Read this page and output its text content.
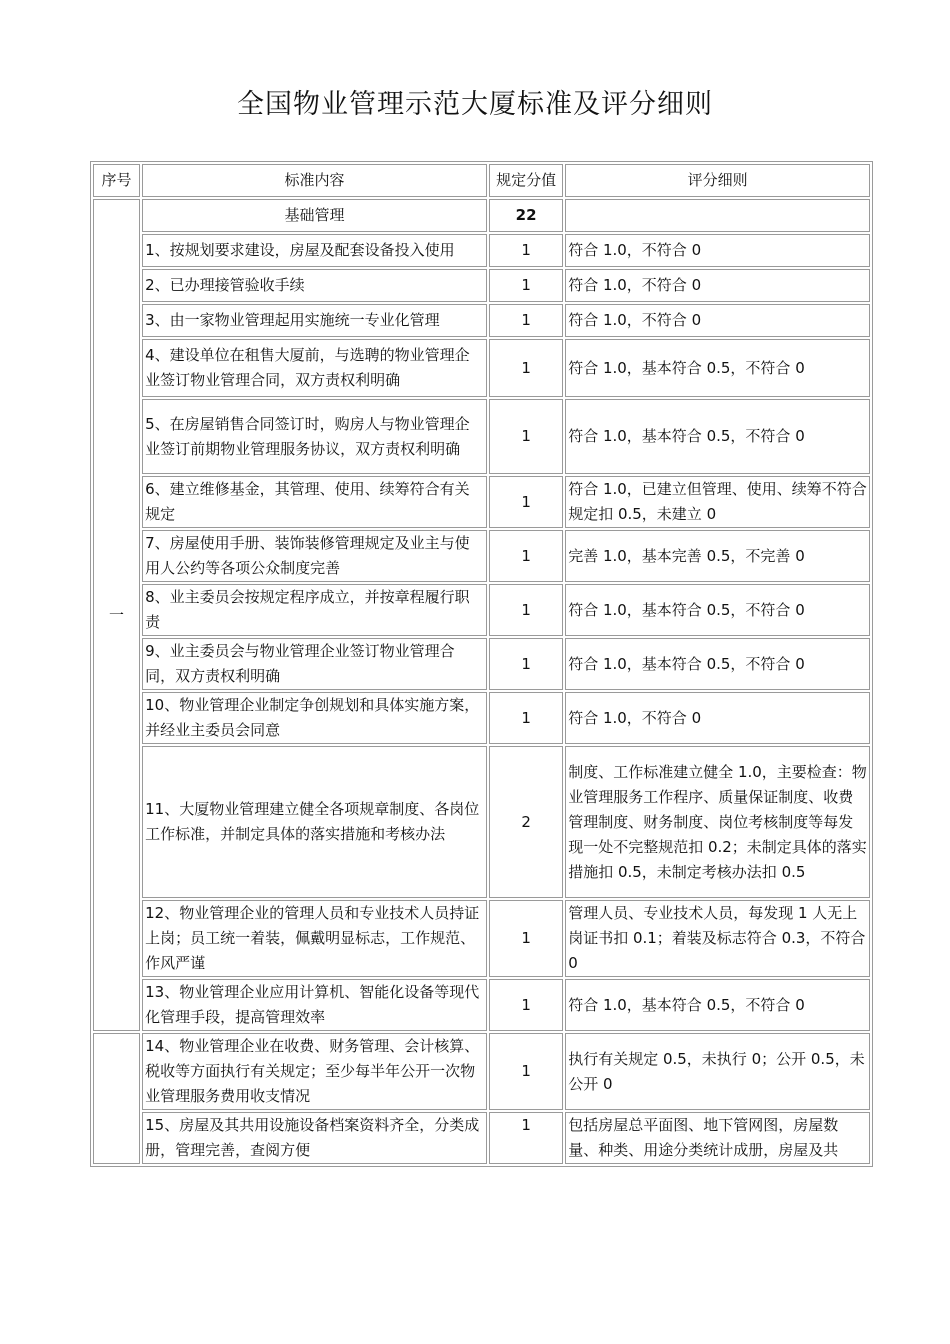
全国物业管理示范大厦标准及评分细则
序号	标准内容	规定分值	评分细则
一	基础管理	22	
	1、按规划要求建设，房屋及配套设备投入使用	1	符合 1.0，不符合 0
	2、已办理接管验收手续	1	符合 1.0，不符合 0
	3、由一家物业管理起用实施统一专业化管理	1	符合 1.0，不符合 0
	4、建设单位在租售大厦前，与选聘的物业管理企业签订物业管理合同，双方责权利明确	1	符合 1.0，基本符合 0.5，不符合 0
	5、在房屋销售合同签订时，购房人与物业管理企业签订前期物业管理服务协议，双方责权利明确	1	符合 1.0，基本符合 0.5，不符合 0
	6、建立维修基金，其管理、使用、续筹符合有关规定	1	符合 1.0，已建立但管理、使用、续筹不符合规定扣 0.5，未建立 0
	7、房屋使用手册、装饰装修管理规定及业主与使用人公约等各项公众制度完善	1	完善 1.0，基本完善 0.5，不完善 0
	8、业主委员会按规定程序成立，并按章程履行职责	1	符合 1.0，基本符合 0.5，不符合 0
	9、业主委员会与物业管理企业签订物业管理合同，双方责权利明确	1	符合 1.0，基本符合 0.5，不符合 0
	10、物业管理企业制定争创规划和具体实施方案，并经业主委员会同意	1	符合 1.0，不符合 0
	11、大厦物业管理建立健全各项规章制度、各岗位工作标准，并制定具体的落实措施和考核办法	2	制度、工作标准建立健全 1.0，主要检查：物业管理服务工作程序、质量保证制度、收费管理制度、财务制度、岗位考核制度等每发现一处不完整规范扣 0.2；未制定具体的落实措施扣 0.5，未制定考核办法扣 0.5
	12、物业管理企业的管理人员和专业技术人员持证上岗；员工统一着装，佩戴明显标志，工作规范、作风严谨	1	管理人员、专业技术人员，每发现 1 人无上岗证书扣 0.1；着装及标志符合 0.3，不符合 0
	13、物业管理企业应用计算机、智能化设备等现代化管理手段，提高管理效率	1	符合 1.0，基本符合 0.5，不符合 0
	14、物业管理企业在收费、财务管理、会计核算、税收等方面执行有关规定；至少每半年公开一次物业管理服务费用收支情况	1	执行有关规定 0.5，未执行 0；公开 0.5，未公开 0
	15、房屋及其共用设施设备档案资料齐全，分类成册，管理完善，查阅方便	1	包括房屋总平面图、地下管网图，房屋数量、种类、用途分类统计成册，房屋及共
